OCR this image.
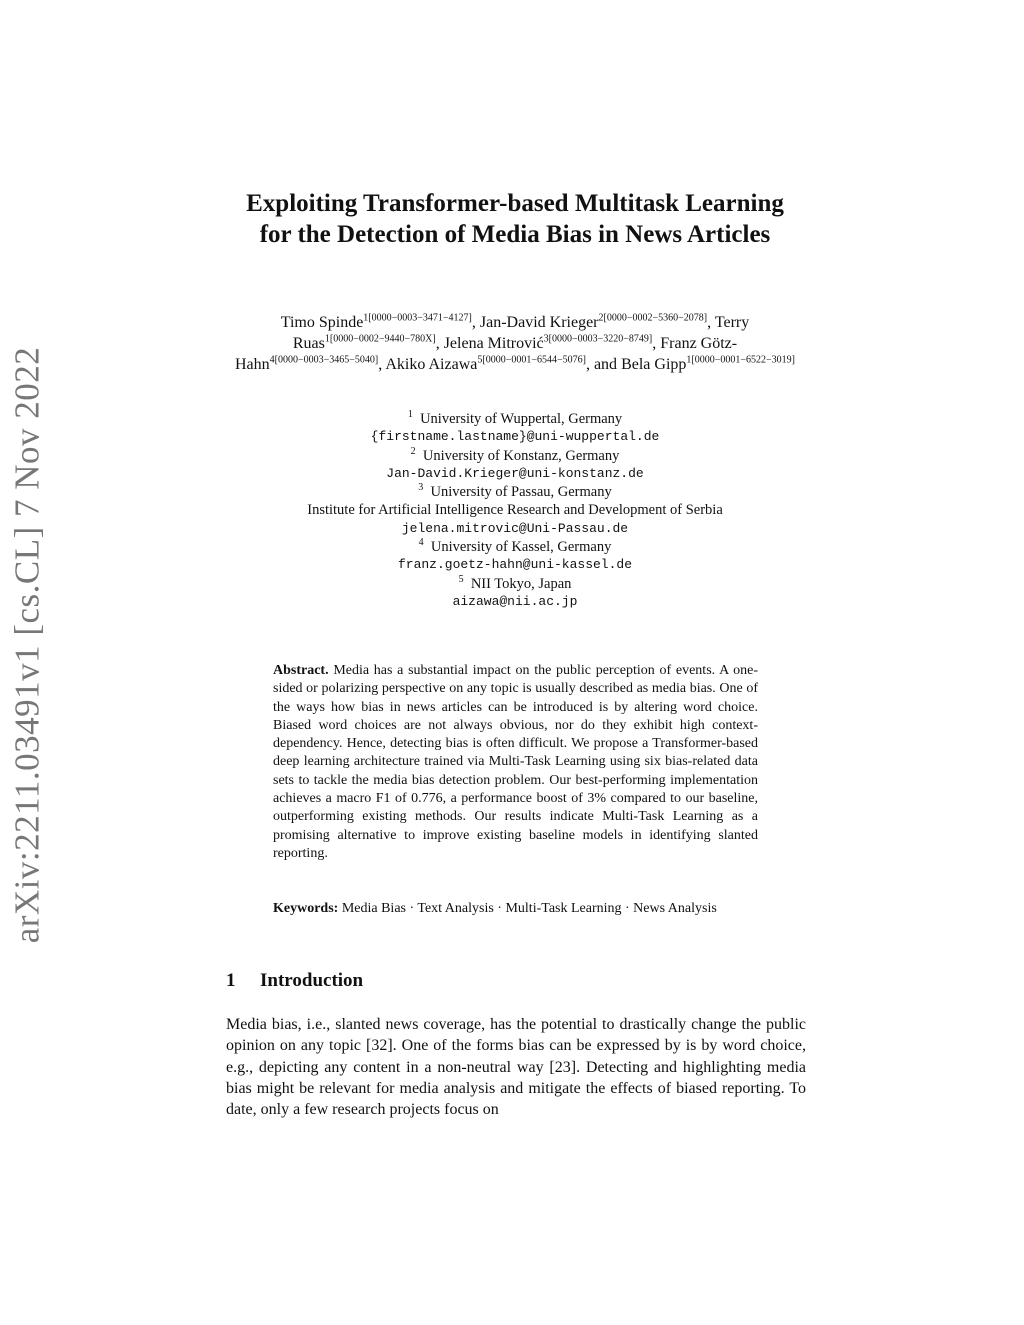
arXiv:2211.03491v1 [cs.CL] 7 Nov 2022
Exploiting Transformer-based Multitask Learning for the Detection of Media Bias in News Articles
Timo Spinde$^{1[0000-0003-3471-4127]}$, Jan-David Krieger$^{2[0000-0002-5360-2078]}$, Terry Ruas$^{1[0000-0002-9440-780X]}$, Jelena Mitrović$^{3[0000-0003-3220-8749]}$, Franz Götz-Hahn$^{4[0000-0003-3465-5040]}$, Akiko Aizawa$^{5[0000-0001-6544-5076]}$, and Bela Gipp$^{1[0000-0001-6522-3019]}$
$^1$ University of Wuppertal, Germany
{firstname.lastname}@uni-wuppertal.de
$^2$ University of Konstanz, Germany
Jan-David.Krieger@uni-konstanz.de
$^3$ University of Passau, Germany
Institute for Artificial Intelligence Research and Development of Serbia
jelena.mitrovic@Uni-Passau.de
$^4$ University of Kassel, Germany
franz.goetz-hahn@uni-kassel.de
$^5$ NII Tokyo, Japan
aizawa@nii.ac.jp
Abstract. Media has a substantial impact on the public perception of events. A one-sided or polarizing perspective on any topic is usually described as media bias. One of the ways how bias in news articles can be introduced is by altering word choice. Biased word choices are not always obvious, nor do they exhibit high context-dependency. Hence, detecting bias is often difficult. We propose a Transformer-based deep learning architecture trained via Multi-Task Learning using six bias-related data sets to tackle the media bias detection problem. Our best-performing implementation achieves a macro F1 of 0.776, a performance boost of 3% compared to our baseline, outperforming existing methods. Our results indicate Multi-Task Learning as a promising alternative to improve existing baseline models in identifying slanted reporting.
Keywords: Media Bias · Text Analysis · Multi-Task Learning · News Analysis
1 Introduction
Media bias, i.e., slanted news coverage, has the potential to drastically change the public opinion on any topic [32]. One of the forms bias can be expressed by is by word choice, e.g., depicting any content in a non-neutral way [23]. Detecting and highlighting media bias might be relevant for media analysis and mitigate the effects of biased reporting. To date, only a few research projects focus on
